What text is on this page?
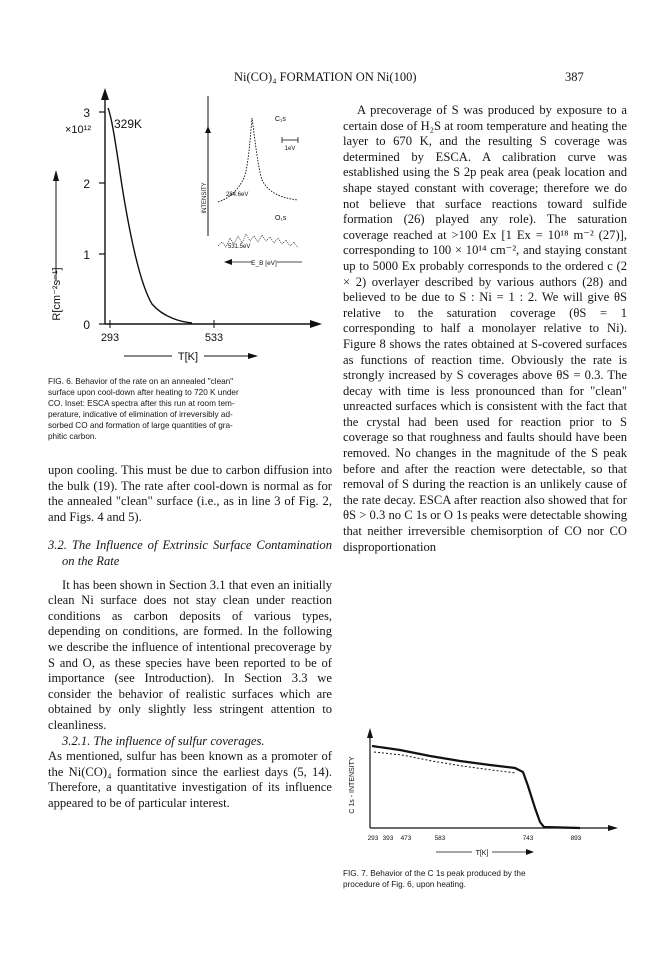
Ni(CO)₄ FORMATION ON Ni(100)	387
3
2
1
0
×10¹²
R[cm⁻²s⁻¹]
293	533
T[K]
329K
INTENSITY
C₁s
1eV
284.6eV
O₁s
531.5eV
E_B [eV]
FIG. 6. Behavior of the rate on an annealed "clean"
surface upon cool-down after heating to 720 K under
CO. Inset: ESCA spectra after this run at room tem-
perature, indicative of elimination of irreversibly ad-
sorbed CO and formation of large quantities of gra-
phitic carbon.

upon cooling. This must be due to carbon diffusion into the bulk (19). The rate after cool-down is normal as for the annealed "clean" surface (i.e., as in line 3 of Fig. 2, and Figs. 4 and 5).

3.2. The Influence of Extrinsic Surface Contamination on the Rate

It has been shown in Section 3.1 that even an initially clean Ni surface does not stay clean under reaction conditions as carbon deposits of various types, depending on conditions, are formed. In the following we describe the influence of intentional precoverage by S and O, as these species have been reported to be of importance (see Introduction). In Section 3.3 we consider the behavior of realistic surfaces which are obtained by only slightly less stringent attention to cleanliness.

3.2.1. The influence of sulfur coverages.

As mentioned, sulfur has been known as a promoter of the Ni(CO)₄ formation since the earliest days (5, 14). Therefore, a quantitative investigation of its influence appeared to be of particular interest.

A precoverage of S was produced by exposure to a certain dose of H₂S at room temperature and heating the layer to 670 K, and the resulting S coverage was determined by ESCA. A calibration curve was established using the S 2p peak area (peak location and shape stayed constant with coverage; therefore we do not believe that surface reactions toward sulfide formation (26) played any role). The saturation coverage reached at >100 Ex [1 Ex = 10¹⁸ m⁻² (27)], corresponding to 100 × 10¹⁴ cm⁻², and staying constant up to 5000 Ex probably corresponds to the ordered c (2 × 2) overlayer described by various authors (28) and believed to be due to S : Ni = 1 : 2. We will give θS relative to the saturation coverage (θS = 1 corresponding to half a monolayer relative to Ni). Figure 8 shows the rates obtained at S-covered surfaces as functions of reaction time. Obviously the rate is strongly increased by S coverages above θS = 0.3. The decay with time is less pronounced than for "clean" unreacted surfaces which is consistent with the fact that the crystal had been used for reaction prior to S coverage so that roughness and faults should have been removed. No changes in the magnitude of the S peak before and after the reaction were detectable, so that removal of S during the reaction is an unlikely cause of the rate decay. ESCA after reaction also showed that for θS > 0.3 no C 1s or O 1s peaks were detectable showing that neither irreversible chemisorption of CO nor CO disproportionation

C 1s - INTENSITY
293 393 473	583	743	893
T[K]
FIG. 7. Behavior of the C 1s peak produced by the
procedure of Fig. 6, upon heating.
